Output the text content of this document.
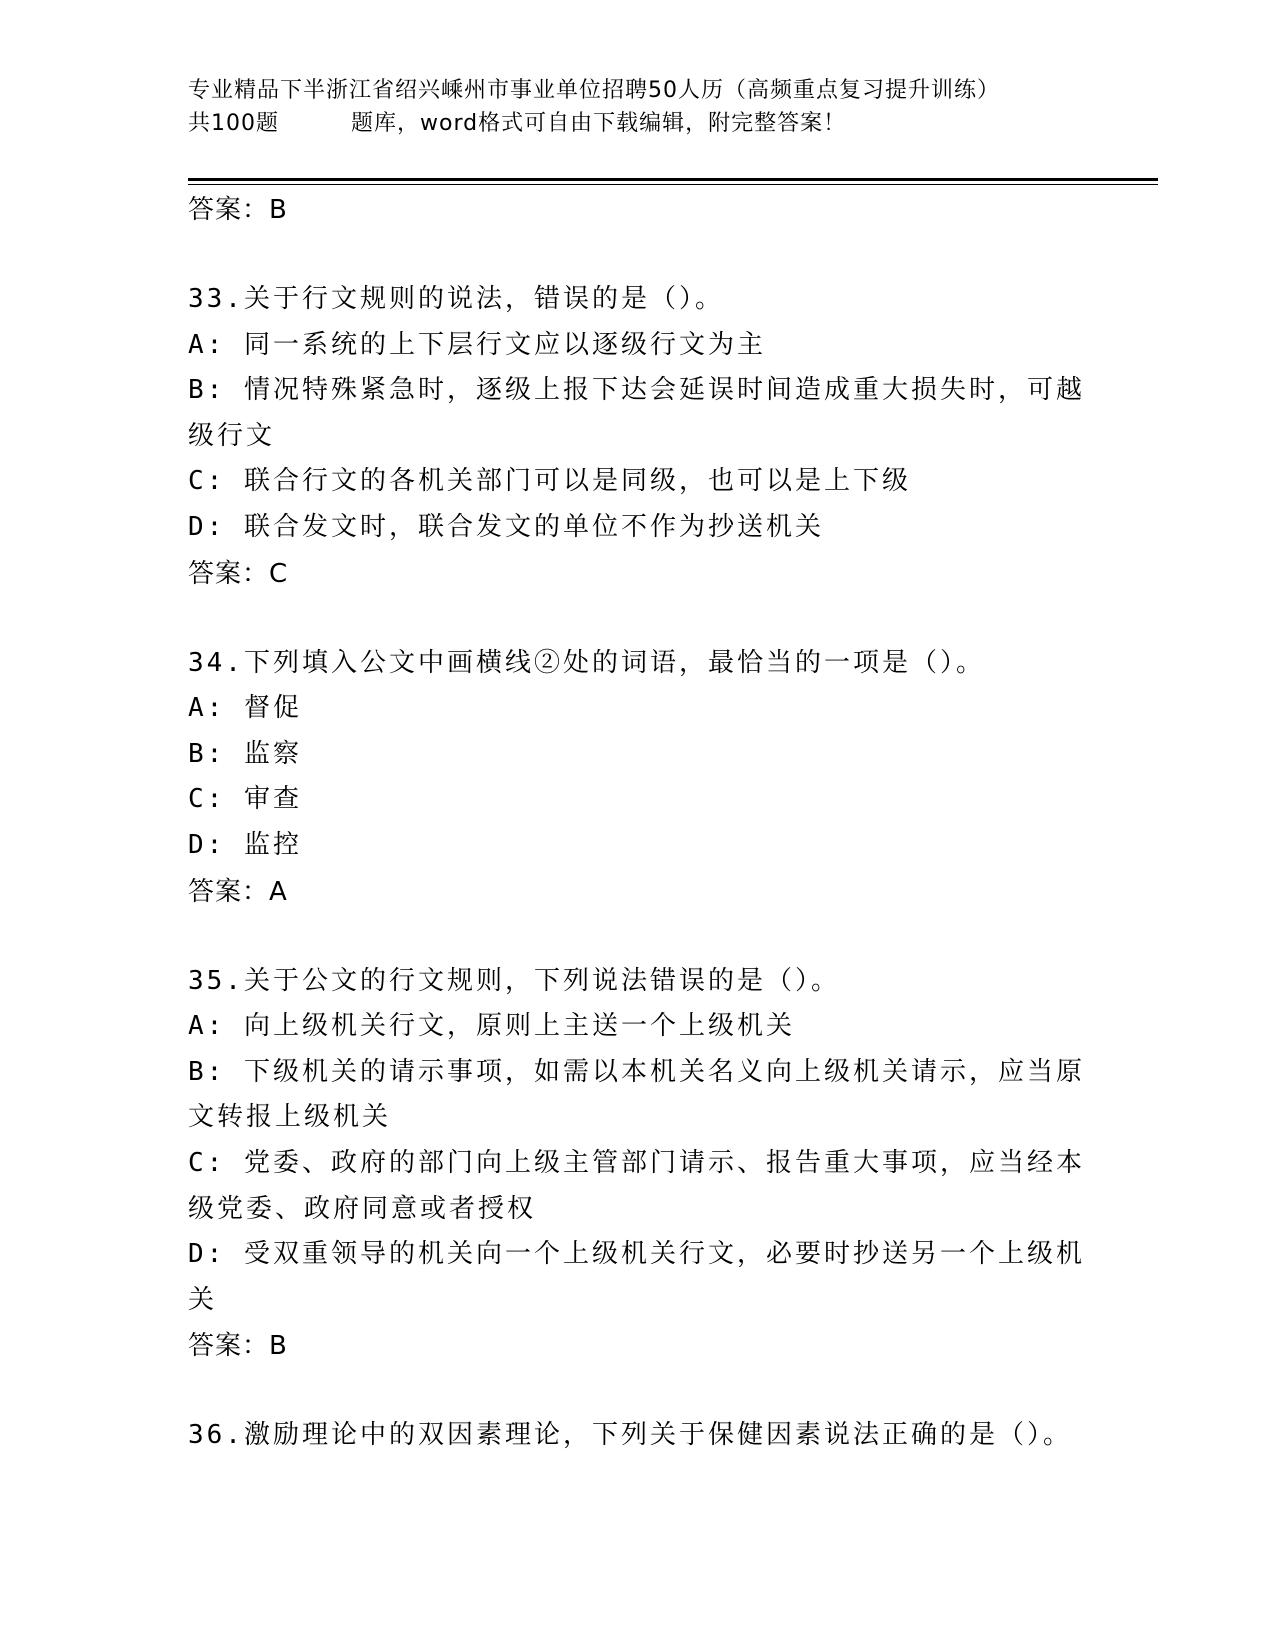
专业精品下半浙江省绍兴嵊州市事业单位招聘50人历（高频重点复习提升训练）
共100题	题库，word格式可自由下载编辑，附完整答案！
答案：B
33.关于行文规则的说法，错误的是（）。
A: 同一系统的上下层行文应以逐级行文为主
B: 情况特殊紧急时，逐级上报下达会延误时间造成重大损失时，可越级行文
C: 联合行文的各机关部门可以是同级，也可以是上下级
D: 联合发文时，联合发文的单位不作为抄送机关
答案：C
34.下列填入公文中画横线②处的词语，最恰当的一项是（）。
A: 督促
B: 监察
C: 审查
D: 监控
答案：A
35.关于公文的行文规则，下列说法错误的是（）。
A: 向上级机关行文，原则上主送一个上级机关
B: 下级机关的请示事项，如需以本机关名义向上级机关请示，应当原文转报上级机关
C: 党委、政府的部门向上级主管部门请示、报告重大事项，应当经本级党委、政府同意或者授权
D: 受双重领导的机关向一个上级机关行文，必要时抄送另一个上级机关
答案：B
36.激励理论中的双因素理论，下列关于保健因素说法正确的是（）。
